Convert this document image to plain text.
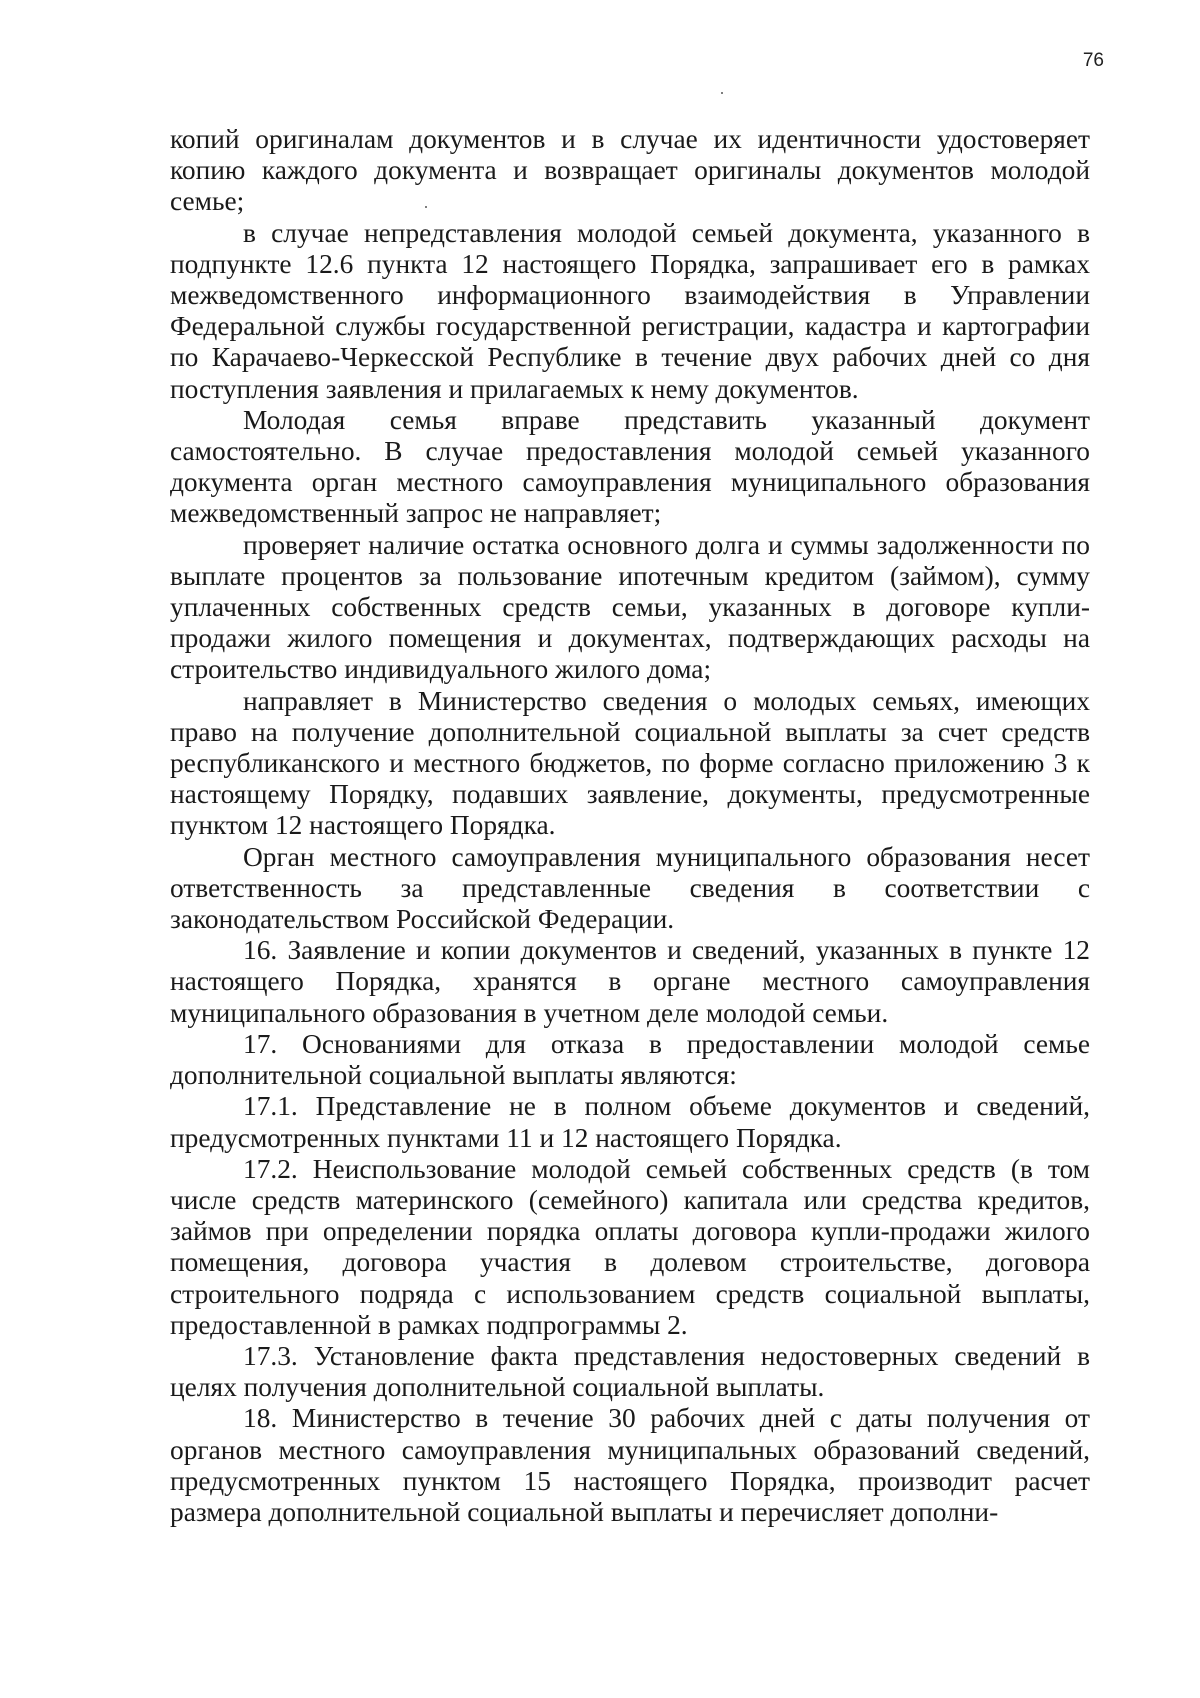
76

копий оригиналам документов и в случае их идентичности удостоверяет копию каждого документа и возвращает оригиналы документов молодой семье;

в случае непредставления молодой семьей документа, указанного в подпункте 12.6 пункта 12 настоящего Порядка, запрашивает его в рамках межведомственного информационного взаимодействия в Управлении Федеральной службы государственной регистрации, кадастра и картографии по Карачаево-Черкесской Республике в течение двух рабочих дней со дня поступления заявления и прилагаемых к нему документов.

Молодая семья вправе представить указанный документ самостоятельно. В случае предоставления молодой семьей указанного документа орган местного самоуправления муниципального образования межведомственный запрос не направляет;

проверяет наличие остатка основного долга и суммы задолженности по выплате процентов за пользование ипотечным кредитом (займом), сумму уплаченных собственных средств семьи, указанных в договоре купли-продажи жилого помещения и документах, подтверждающих расходы на строительство индивидуального жилого дома;

направляет в Министерство сведения о молодых семьях, имеющих право на получение дополнительной социальной выплаты за счет средств республиканского и местного бюджетов, по форме согласно приложению 3 к настоящему Порядку, подавших заявление, документы, предусмотренные пунктом 12 настоящего Порядка.

Орган местного самоуправления муниципального образования несет ответственность за представленные сведения в соответствии с законодательством Российской Федерации.

16. Заявление и копии документов и сведений, указанных в пункте 12 настоящего Порядка, хранятся в органе местного самоуправления муниципального образования в учетном деле молодой семьи.

17. Основаниями для отказа в предоставлении молодой семье дополнительной социальной выплаты являются:

17.1. Представление не в полном объеме документов и сведений, предусмотренных пунктами 11 и 12 настоящего Порядка.

17.2. Неиспользование молодой семьей собственных средств (в том числе средств материнского (семейного) капитала или средства кредитов, займов при определении порядка оплаты договора купли-продажи жилого помещения, договора участия в долевом строительстве, договора строительного подряда с использованием средств социальной выплаты, предоставленной в рамках подпрограммы 2.

17.3. Установление факта представления недостоверных сведений в целях получения дополнительной социальной выплаты.

18. Министерство в течение 30 рабочих дней с даты получения от органов местного самоуправления муниципальных образований сведений, предусмотренных пунктом 15 настоящего Порядка, производит расчет размера дополнительной социальной выплаты и перечисляет дополни-
